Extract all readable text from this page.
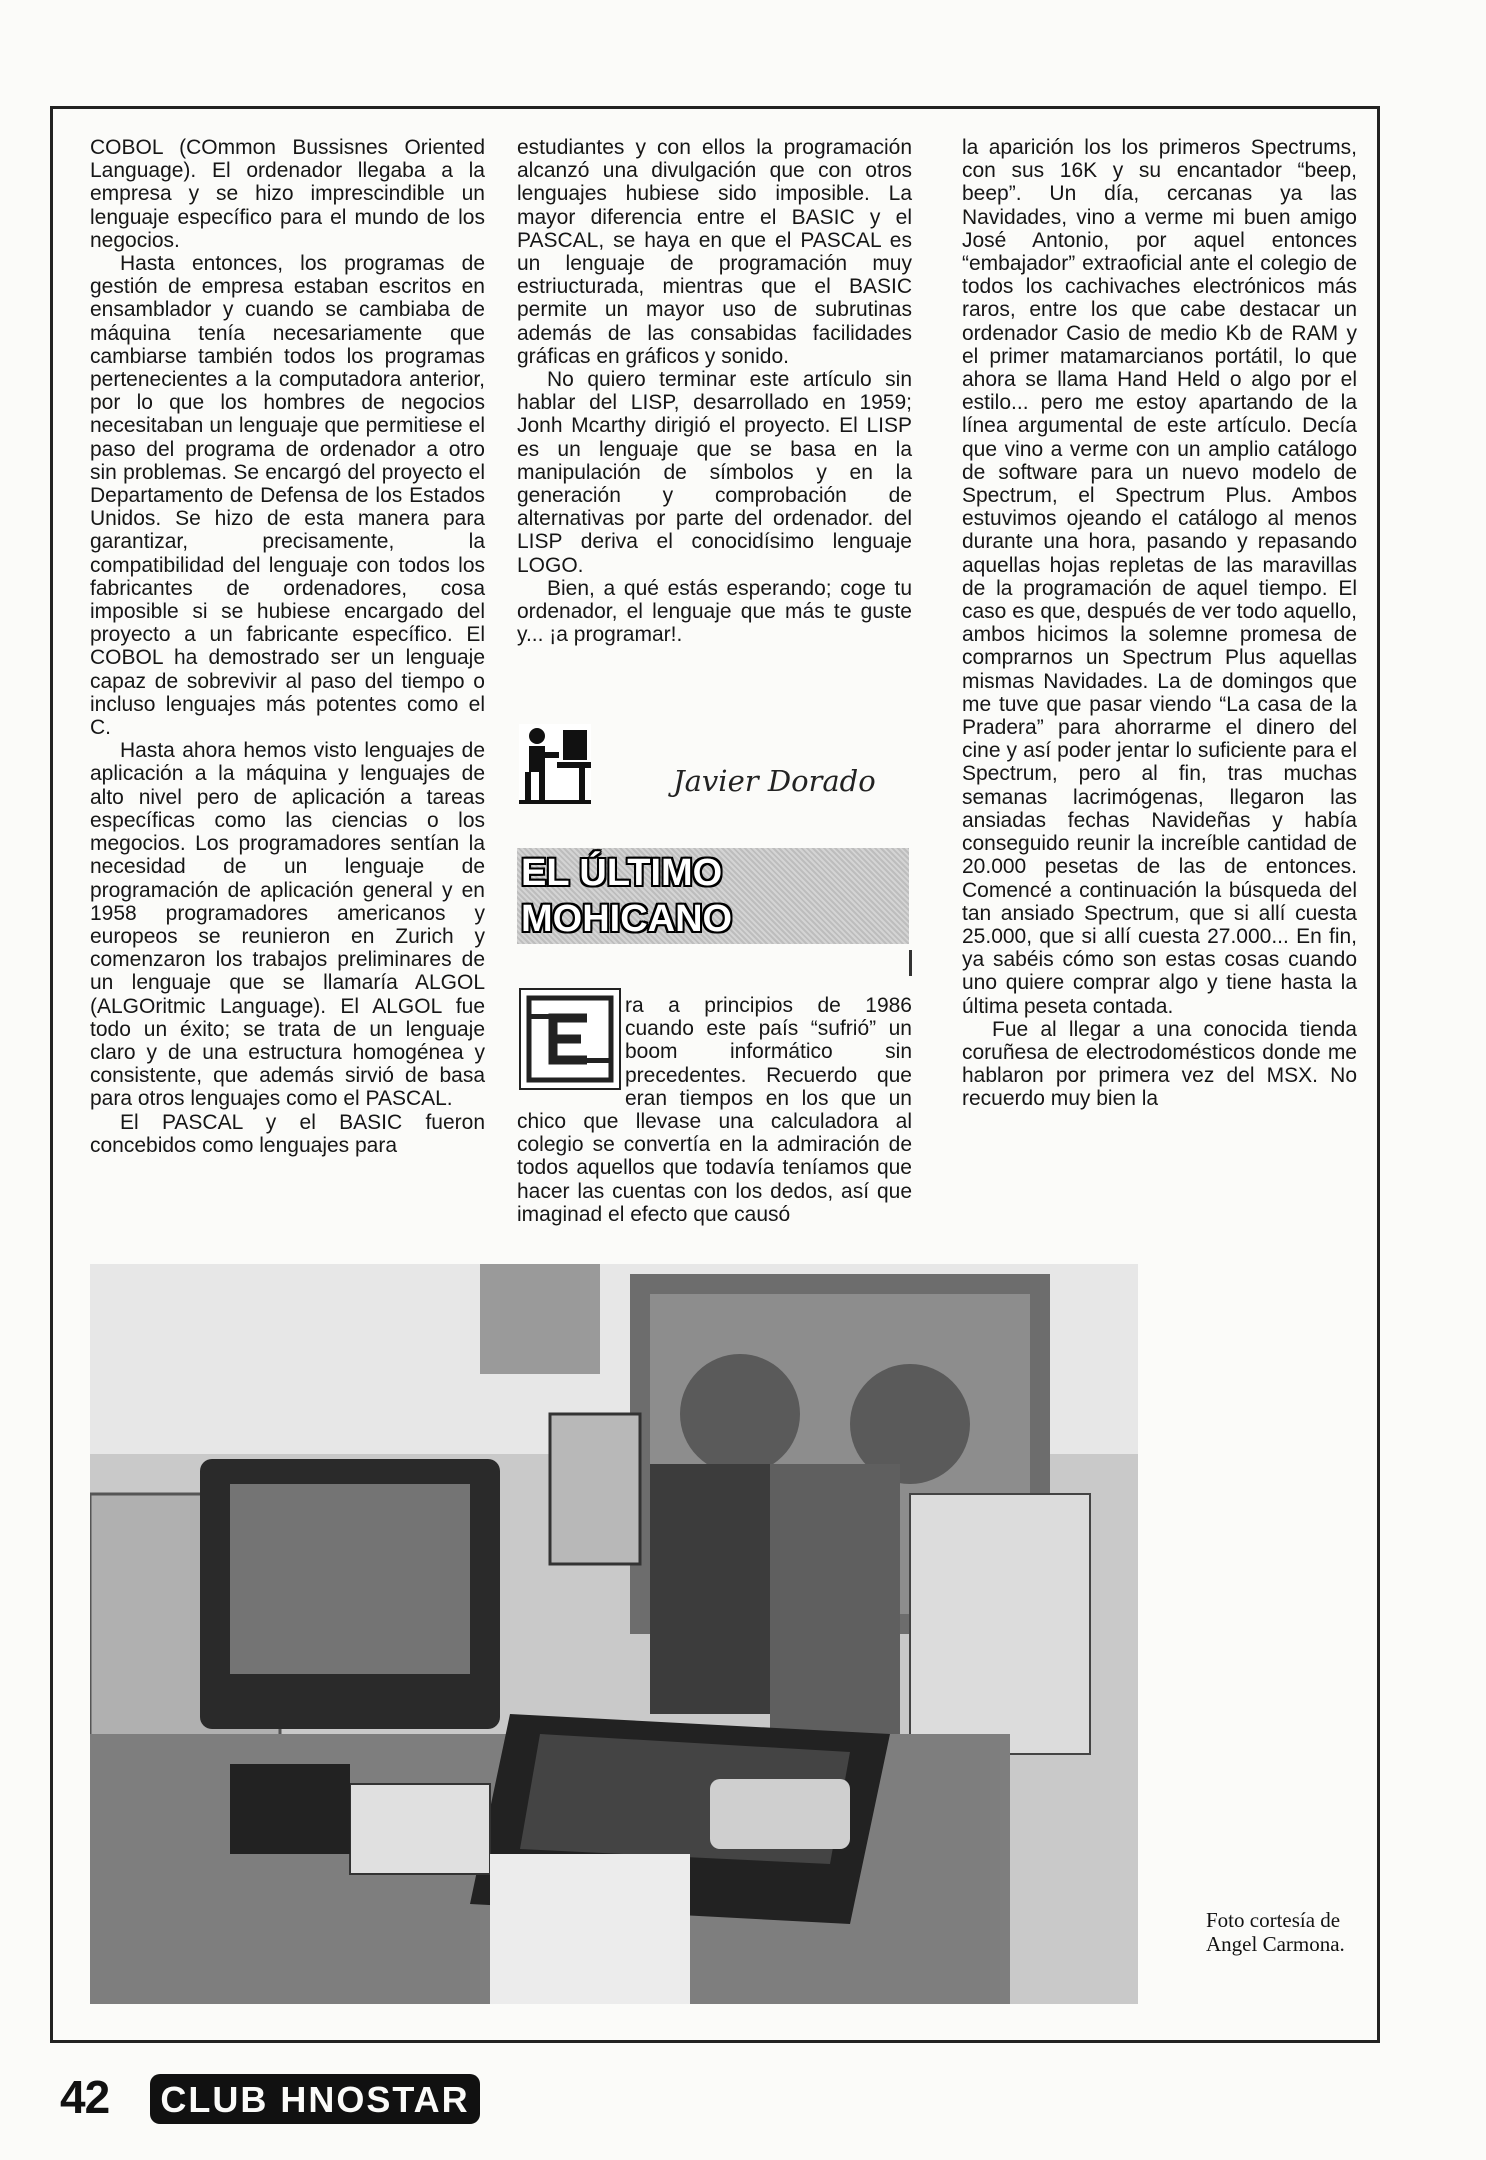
COBOL (COmmon Bussisnes Oriented Language). El ordenador llegaba a la empresa y se hizo imprescindible un lenguaje específico para el mundo de los negocios.

Hasta entonces, los programas de gestión de empresa estaban escritos en ensamblador y cuando se cambiaba de máquina tenía necesariamente que cambiarse también todos los programas pertenecientes a la computadora anterior, por lo que los hombres de negocios necesitaban un lenguaje que permitiese el paso del programa de ordenador a otro sin problemas. Se encargó del proyecto el Departamento de Defensa de los Estados Unidos. Se hizo de esta manera para garantizar, precisamente, la compatibilidad del lenguaje con todos los fabricantes de ordenadores, cosa imposible si se hubiese encargado del proyecto a un fabricante específico. El COBOL ha demostrado ser un lenguaje capaz de sobrevivir al paso del tiempo o incluso lenguajes más potentes como el C.

Hasta ahora hemos visto lenguajes de aplicación a la máquina y lenguajes de alto nivel pero de aplicación a tareas específicas como las ciencias o los megocios. Los programadores sentían la necesidad de un lenguaje de programación de aplicación general y en 1958 programadores americanos y europeos se reunieron en Zurich y comenzaron los trabajos preliminares de un lenguaje que se llamaría ALGOL (ALGOritmic Language). El ALGOL fue todo un éxito; se trata de un lenguaje claro y de una estructura homogénea y consistente, que además sirvió de basa para otros lenguajes como el PASCAL.

El PASCAL y el BASIC fueron concebidos como lenguajes para

estudiantes y con ellos la programación alcanzó una divulgación que con otros lenguajes hubiese sido imposible. La mayor diferencia entre el BASIC y el PASCAL, se haya en que el PASCAL es un lenguaje de programación muy estriucturada, mientras que el BASIC permite un mayor uso de subrutinas además de las consabidas facilidades gráficas en gráficos y sonido.

No quiero terminar este artículo sin hablar del LISP, desarrollado en 1959; Jonh Mcarthy dirigió el proyecto. El LISP es un lenguaje que se basa en la manipulación de símbolos y en la generación y comprobación de alternativas por parte del ordenador. del LISP deriva el conocidísimo lenguaje LOGO.

Bien, a qué estás esperando; coge tu ordenador, el lenguaje que más te guste y... ¡a programar!.

Javier Dorado
EL ÚLTIMO
MOHICANO

ra a principios de 1986 cuando este país “sufrió” un boom informático sin precedentes. Recuerdo que eran tiempos en los que un chico que llevase una calculadora al colegio se convertía en la admiración de todos aquellos que todavía teníamos que hacer las cuentas con los dedos, así que imaginad el efecto que causó

la aparición los los primeros Spectrums, con sus 16K y su encantador “beep, beep”. Un día, cercanas ya las Navidades, vino a verme mi buen amigo José Antonio, por aquel entonces “embajador” extraoficial ante el colegio de todos los cachivaches electrónicos más raros, entre los que cabe destacar un ordenador Casio de medio Kb de RAM y el primer matamarcianos portátil, lo que ahora se llama Hand Held o algo por el estilo... pero me estoy apartando de la línea argumental de este artículo. Decía que vino a verme con un amplio catálogo de software para un nuevo modelo de Spectrum, el Spectrum Plus. Ambos estuvimos ojeando el catálogo al menos durante una hora, pasando y repasando aquellas hojas repletas de las maravillas de la programación de aquel tiempo. El caso es que, después de ver todo aquello, ambos hicimos la solemne promesa de comprarnos un Spectrum Plus aquellas mismas Navidades. La de domingos que me tuve que pasar viendo “La casa de la Pradera” para ahorrarme el dinero del cine y así poder jentar lo suficiente para el Spectrum, pero al fin, tras muchas semanas lacrimógenas, llegaron las ansiadas fechas Navideñas y había conseguido reunir la increíble cantidad de 20.000 pesetas de las de entonces. Comencé a continuación la búsqueda del tan ansiado Spectrum, que si allí cuesta 25.000, que si allí cuesta 27.000... En fin, ya sabéis cómo son estas cosas cuando uno quiere comprar algo y tiene hasta la última peseta contada.

Fue al llegar a una conocida tienda coruñesa de electrodomésticos donde me hablaron por primera vez del MSX. No recuerdo muy bien la

Foto cortesía de Angel Carmona.
42 CLUB HNOSTAR
